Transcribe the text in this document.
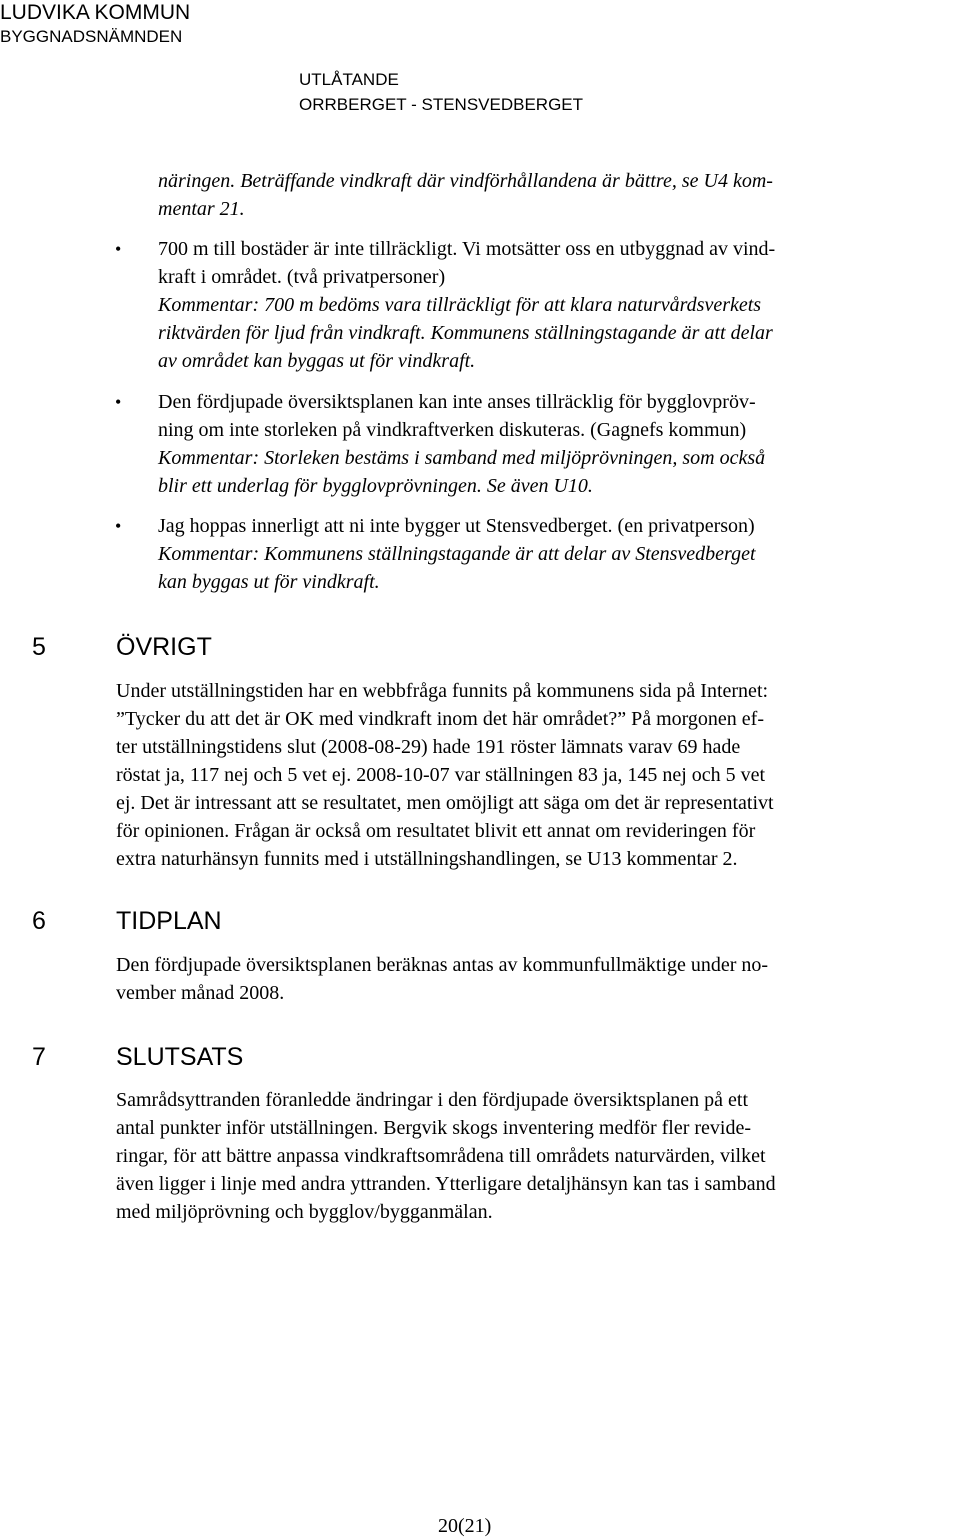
LUDVIKA KOMMUN
BYGGNADSNÄMNDEN
UTLÅTANDE
ORRBERGET - STENSVEDBERGET

näringen. Beträffande vindkraft där vindförhållandena är bättre, se U4 kom-

mentar 21.

• 700 m till bostäder är inte tillräckligt. Vi motsätter oss en utbyggnad av vind-

kraft i området. (två privatpersoner)

Kommentar: 700 m bedöms vara tillräckligt för att klara naturvårdsverkets

riktvärden för ljud från vindkraft. Kommunens ställningstagande är att delar

av området kan byggas ut för vindkraft.

• Den fördjupade översiktsplanen kan inte anses tillräcklig för bygglovpröv-

ning om inte storleken på vindkraftverken diskuteras. (Gagnefs kommun)

Kommentar: Storleken bestäms i samband med miljöprövningen, som också

blir ett underlag för bygglovprövningen. Se även U10.

• Jag hoppas innerligt att ni inte bygger ut Stensvedberget. (en privatperson)

Kommentar: Kommunens ställningstagande är att delar av Stensvedberget

kan byggas ut för vindkraft.

5	ÖVRIGT

Under utställningstiden har en webbfråga funnits på kommunens sida på Internet:

”Tycker du att det är OK med vindkraft inom det här området?” På morgonen ef-

ter utställningstidens slut (2008-08-29) hade 191 röster lämnats varav 69 hade

röstat ja, 117 nej och 5 vet ej. 2008-10-07 var ställningen 83 ja, 145 nej och 5 vet

ej. Det är intressant att se resultatet, men omöjligt att säga om det är representativt

för opinionen. Frågan är också om resultatet blivit ett annat om revideringen för

extra naturhänsyn funnits med i utställningshandlingen, se U13 kommentar 2.

6	TIDPLAN

Den fördjupade översiktsplanen beräknas antas av kommunfullmäktige under no-

vember månad 2008.

7	SLUTSATS

Samrådsyttranden föranledde ändringar i den fördjupade översiktsplanen på ett

antal punkter inför utställningen. Bergvik skogs inventering medför fler revide-

ringar, för att bättre anpassa vindkraftsområdena till områdets naturvärden, vilket

även ligger i linje med andra yttranden. Ytterligare detaljhänsyn kan tas i samband

med miljöprövning och bygglov/bygganmälan.

20(21)
